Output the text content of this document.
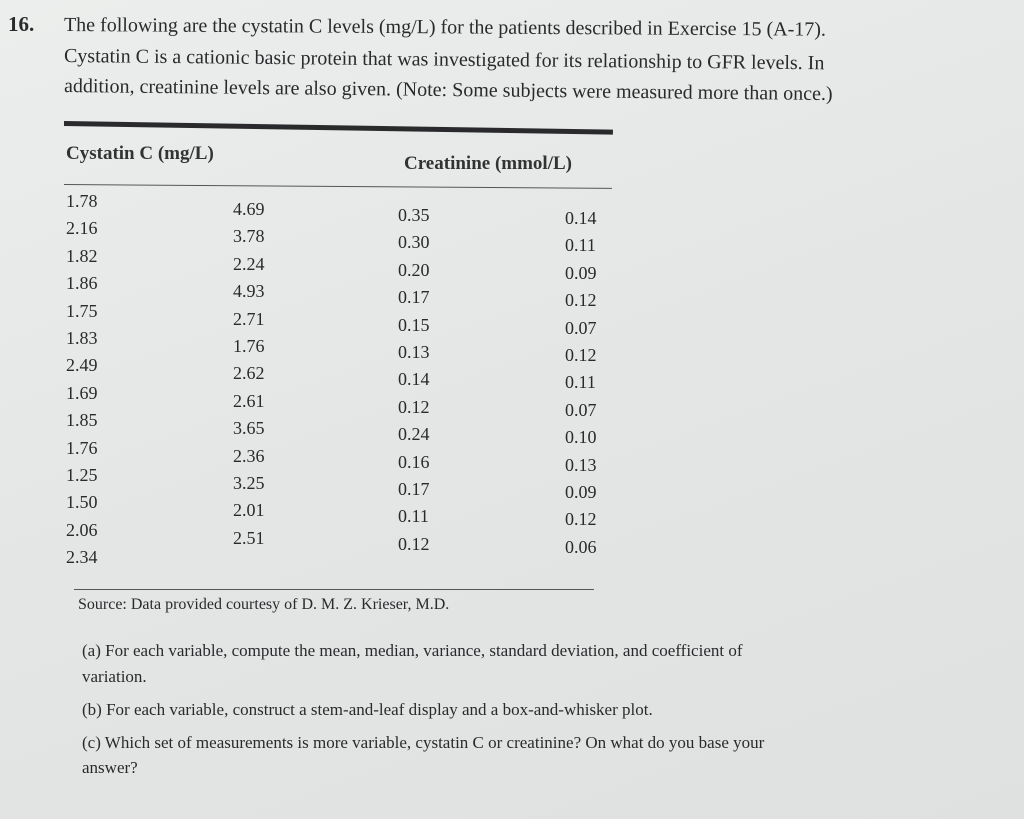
16. The following are the cystatin C levels (mg/L) for the patients described in Exercise 15 (A-17).
Cystatin C is a cationic basic protein that was investigated for its relationship to GFR levels. In
addition, creatinine levels are also given. (Note: Some subjects were measured more than once.)
Cystatin C (mg/L)	Creatinine (mmol/L)
1.78
2.16
1.82
1.86
1.75
1.83
2.49
1.69
1.85
1.76
1.25
1.50
2.06
2.34
4.69
3.78
2.24
4.93
2.71
1.76
2.62
2.61
3.65
2.36
3.25
2.01
2.51
0.35
0.30
0.20
0.17
0.15
0.13
0.14
0.12
0.24
0.16
0.17
0.11
0.12
0.14
0.11
0.09
0.12
0.07
0.12
0.11
0.07
0.10
0.13
0.09
0.12
0.06
Source: Data provided courtesy of D. M. Z. Krieser, M.D.
(a) For each variable, compute the mean, median, variance, standard deviation, and coefficient of
variation.
(b) For each variable, construct a stem-and-leaf display and a box-and-whisker plot.
(c) Which set of measurements is more variable, cystatin C or creatinine? On what do you base your
answer?
